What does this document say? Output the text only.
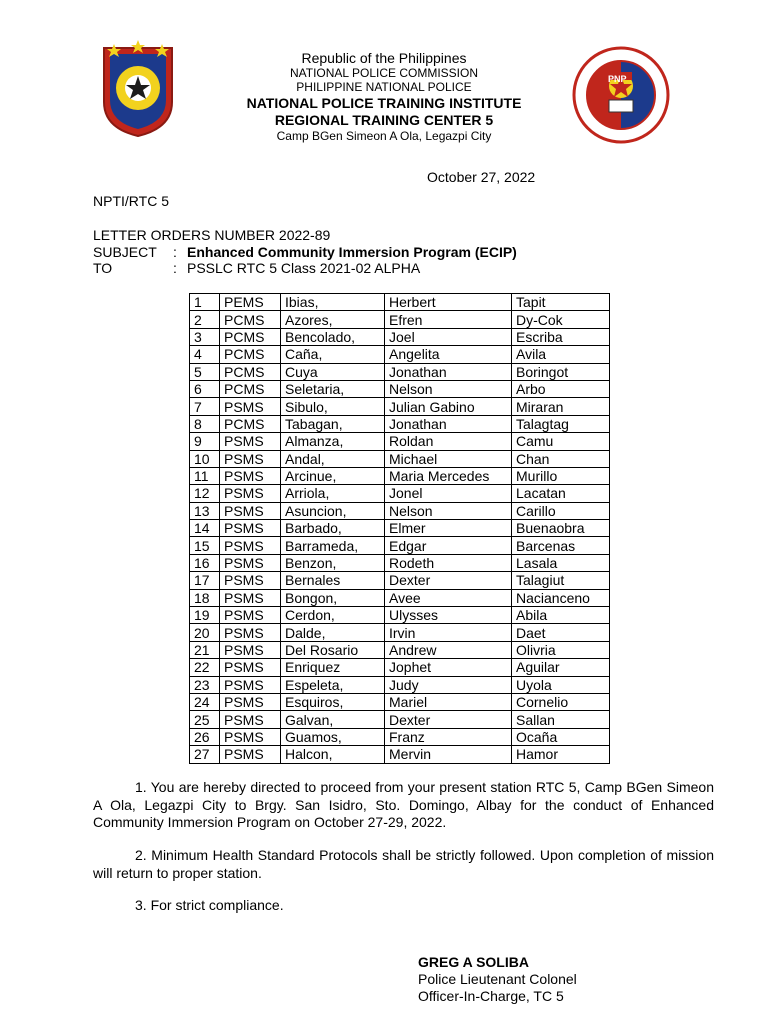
PNP
Republic of the Philippines
NATIONAL POLICE COMMISSION
PHILIPPINE NATIONAL POLICE
NATIONAL POLICE TRAINING INSTITUTE
REGIONAL TRAINING CENTER 5
Camp BGen Simeon A Ola, Legazpi City
October 27, 2022
NPTI/RTC 5
LETTER ORDERS NUMBER 2022-89
SUBJECT : Enhanced Community Immersion Program (ECIP)
TO	: PSSLC RTC 5 Class 2021-02 ALPHA
1	PEMS	Ibias,	Herbert	Tapit
2	PCMS	Azores,	Efren	Dy-Cok
3	PCMS	Bencolado,	Joel	Escriba
4	PCMS	Caña,	Angelita	Avila
5	PCMS	Cuya	Jonathan	Boringot
6	PCMS	Seletaria,	Nelson	Arbo
7	PSMS	Sibulo,	Julian Gabino	Miraran
8	PCMS	Tabagan,	Jonathan	Talagtag
9	PSMS	Almanza,	Roldan	Camu
10	PSMS	Andal,	Michael	Chan
11	PSMS	Arcinue,	Maria Mercedes	Murillo
12	PSMS	Arriola,	Jonel	Lacatan
13	PSMS	Asuncion,	Nelson	Carillo
14	PSMS	Barbado,	Elmer	Buenaobra
15	PSMS	Barrameda,	Edgar	Barcenas
16	PSMS	Benzon,	Rodeth	Lasala
17	PSMS	Bernales	Dexter	Talagiut
18	PSMS	Bongon,	Avee	Nacianceno
19	PSMS	Cerdon,	Ulysses	Abila
20	PSMS	Dalde,	Irvin	Daet
21	PSMS	Del Rosario	Andrew	Olivria
22	PSMS	Enriquez	Jophet	Aguilar
23	PSMS	Espeleta,	Judy	Uyola
24	PSMS	Esquiros,	Mariel	Cornelio
25	PSMS	Galvan,	Dexter	Sallan
26	PSMS	Guamos,	Franz	Ocaña
27	PSMS	Halcon,	Mervin	Hamor
1. You are hereby directed to proceed from your present station RTC 5, Camp BGen Simeon A Ola, Legazpi City to Brgy. San Isidro, Sto. Domingo, Albay for the conduct of Enhanced Community Immersion Program on October 27-29, 2022.
2. Minimum Health Standard Protocols shall be strictly followed. Upon completion of mission will return to proper station.
3. For strict compliance.
GREG A SOLIBA
Police Lieutenant Colonel
Officer-In-Charge, TC 5
